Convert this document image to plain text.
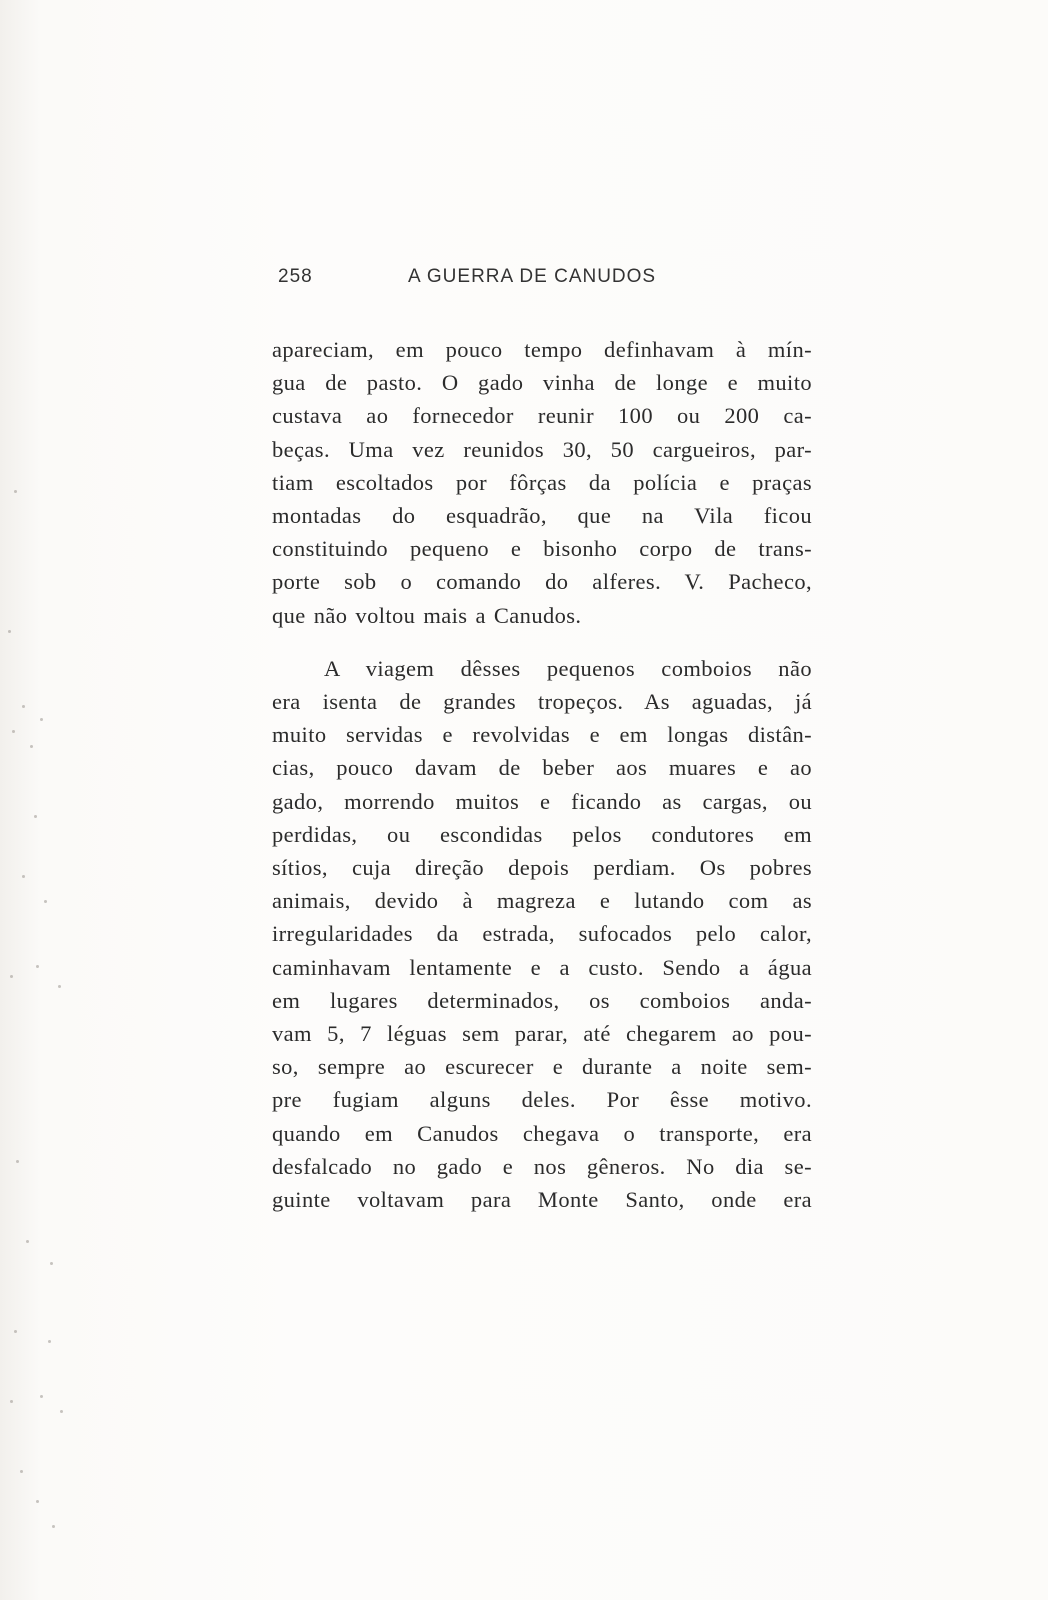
258	A GUERRA DE CANUDOS

apareciam, em pouco tempo definhavam à mín-
gua de pasto. O gado vinha de longe e muito
custava ao fornecedor reunir 100 ou 200 ca-
beças. Uma vez reunidos 30, 50 cargueiros, par-
tiam escoltados por fôrças da polícia e praças
montadas do esquadrão, que na Vila ficou
constituindo pequeno e bisonho corpo de trans-
porte sob o comando do alferes. V. Pacheco,
que não voltou mais a Canudos.

A viagem dêsses pequenos comboios não
era isenta de grandes tropeços. As aguadas, já
muito servidas e revolvidas e em longas distân-
cias, pouco davam de beber aos muares e ao
gado, morrendo muitos e ficando as cargas, ou
perdidas, ou escondidas pelos condutores em
sítios, cuja direção depois perdiam. Os pobres
animais, devido à magreza e lutando com as
irregularidades da estrada, sufocados pelo calor,
caminhavam lentamente e a custo. Sendo a água
em lugares determinados, os comboios anda-
vam 5, 7 léguas sem parar, até chegarem ao pou-
so, sempre ao escurecer e durante a noite sem-
pre fugiam alguns deles. Por êsse motivo.
quando em Canudos chegava o transporte, era
desfalcado no gado e nos gêneros. No dia se-
guinte voltavam para Monte Santo, onde era
